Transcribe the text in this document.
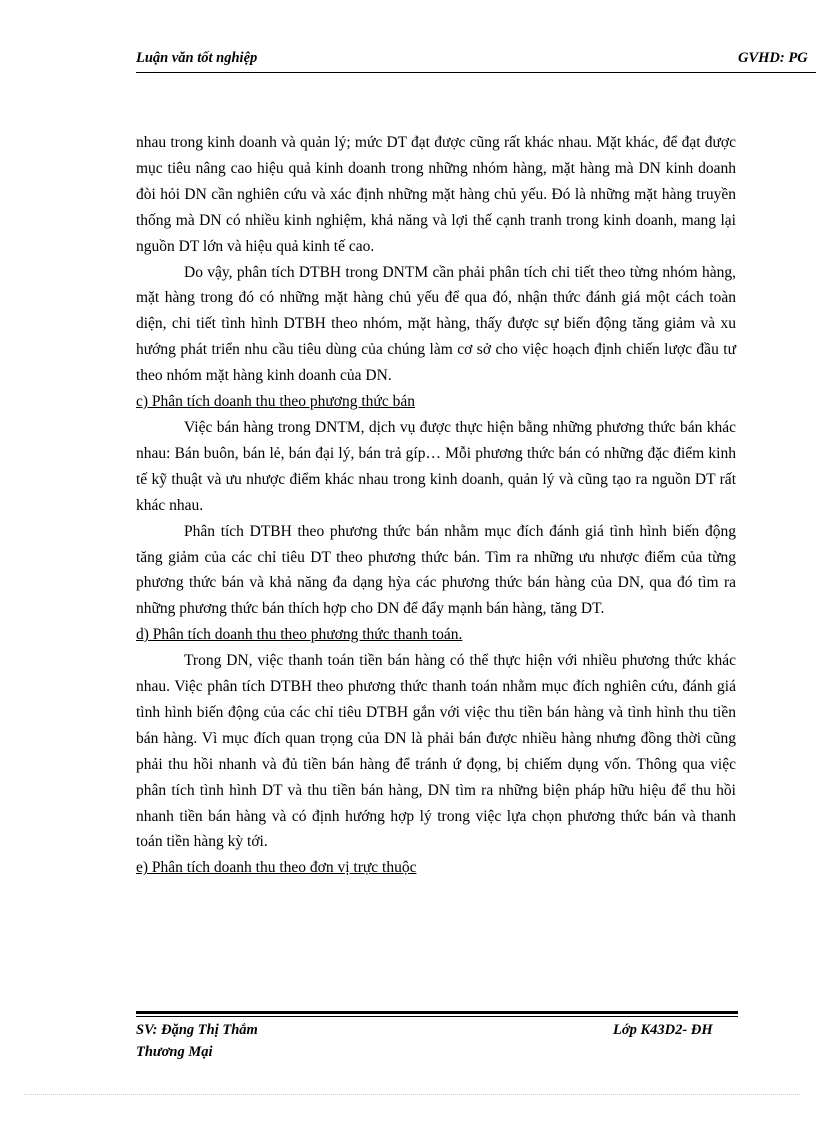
Luận văn tốt nghiệp	GVHD: PG

nhau trong kinh doanh và quản lý; mức DT đạt được cũng rất khác nhau. Mặt khác, để đạt được mục tiêu nâng cao hiệu quả kinh doanh trong những nhóm hàng, mặt hàng mà DN kinh doanh đòi hỏi DN cần nghiên cứu và xác định những mặt hàng chủ yếu. Đó là những mặt hàng truyền thống mà DN có nhiều kinh nghiệm, khả năng và lợi thế cạnh tranh trong kinh doanh, mang lại nguồn DT lớn và hiệu quả kinh tế cao.

Do vậy, phân tích DTBH trong DNTM cần phải phân tích chi tiết theo từng nhóm hàng, mặt hàng trong đó có những mặt hàng chủ yếu để qua đó, nhận thức đánh giá một cách toàn diện, chi tiết tình hình DTBH theo nhóm, mặt hàng, thấy được sự biến động tăng giảm và xu hướng phát triển nhu cầu tiêu dùng của chúng làm cơ sở cho việc hoạch định chiến lược đầu tư theo nhóm mặt hàng kinh doanh của DN.

c) Phân tích doanh thu theo phương thức bán

Việc bán hàng trong DNTM, dịch vụ được thực hiện bằng những phương thức bán khác nhau: Bán buôn, bán lẻ, bán đại lý, bán trả gíp… Mỗi phương thức bán có những đặc điểm kinh tế kỹ thuật và ưu nhược điểm khác nhau trong kinh doanh, quản lý và cũng tạo ra nguồn DT rất khác nhau.

Phân tích DTBH theo phương thức bán nhằm mục đích đánh giá tình hình biến động tăng giảm của các chỉ tiêu DT theo phương thức bán. Tìm ra những ưu nhược điểm của từng phương thức bán và khả năng đa dạng hỳa các phương thức bán hàng của DN, qua đó tìm ra những phương thức bán thích hợp cho DN để đẩy mạnh bán hàng, tăng DT.

d) Phân tích doanh thu theo phương thức thanh toán.

Trong DN, việc thanh toán tiền bán hàng có thể thực hiện với nhiều phương thức khác nhau. Việc phân tích DTBH theo phương thức thanh toán nhằm mục đích nghiên cứu, đánh giá tình hình biến động của các chỉ tiêu DTBH gắn với việc thu tiền bán hàng và tình hình thu tiền bán hàng. Vì mục đích quan trọng của DN là phải bán được nhiều hàng nhưng đồng thời cũng phải thu hồi nhanh và đủ tiền bán hàng để tránh ứ đọng, bị chiếm dụng vốn. Thông qua việc phân tích tình hình DT và thu tiền bán hàng, DN tìm ra những biện pháp hữu hiệu để thu hồi nhanh tiền bán hàng và có định hướng hợp lý trong việc lựa chọn phương thức bán và thanh toán tiền hàng kỳ tới.

e) Phân tích doanh thu theo đơn vị trực thuộc

SV: Đặng Thị Thắm	Lớp K43D2- ĐH
Thương Mại
